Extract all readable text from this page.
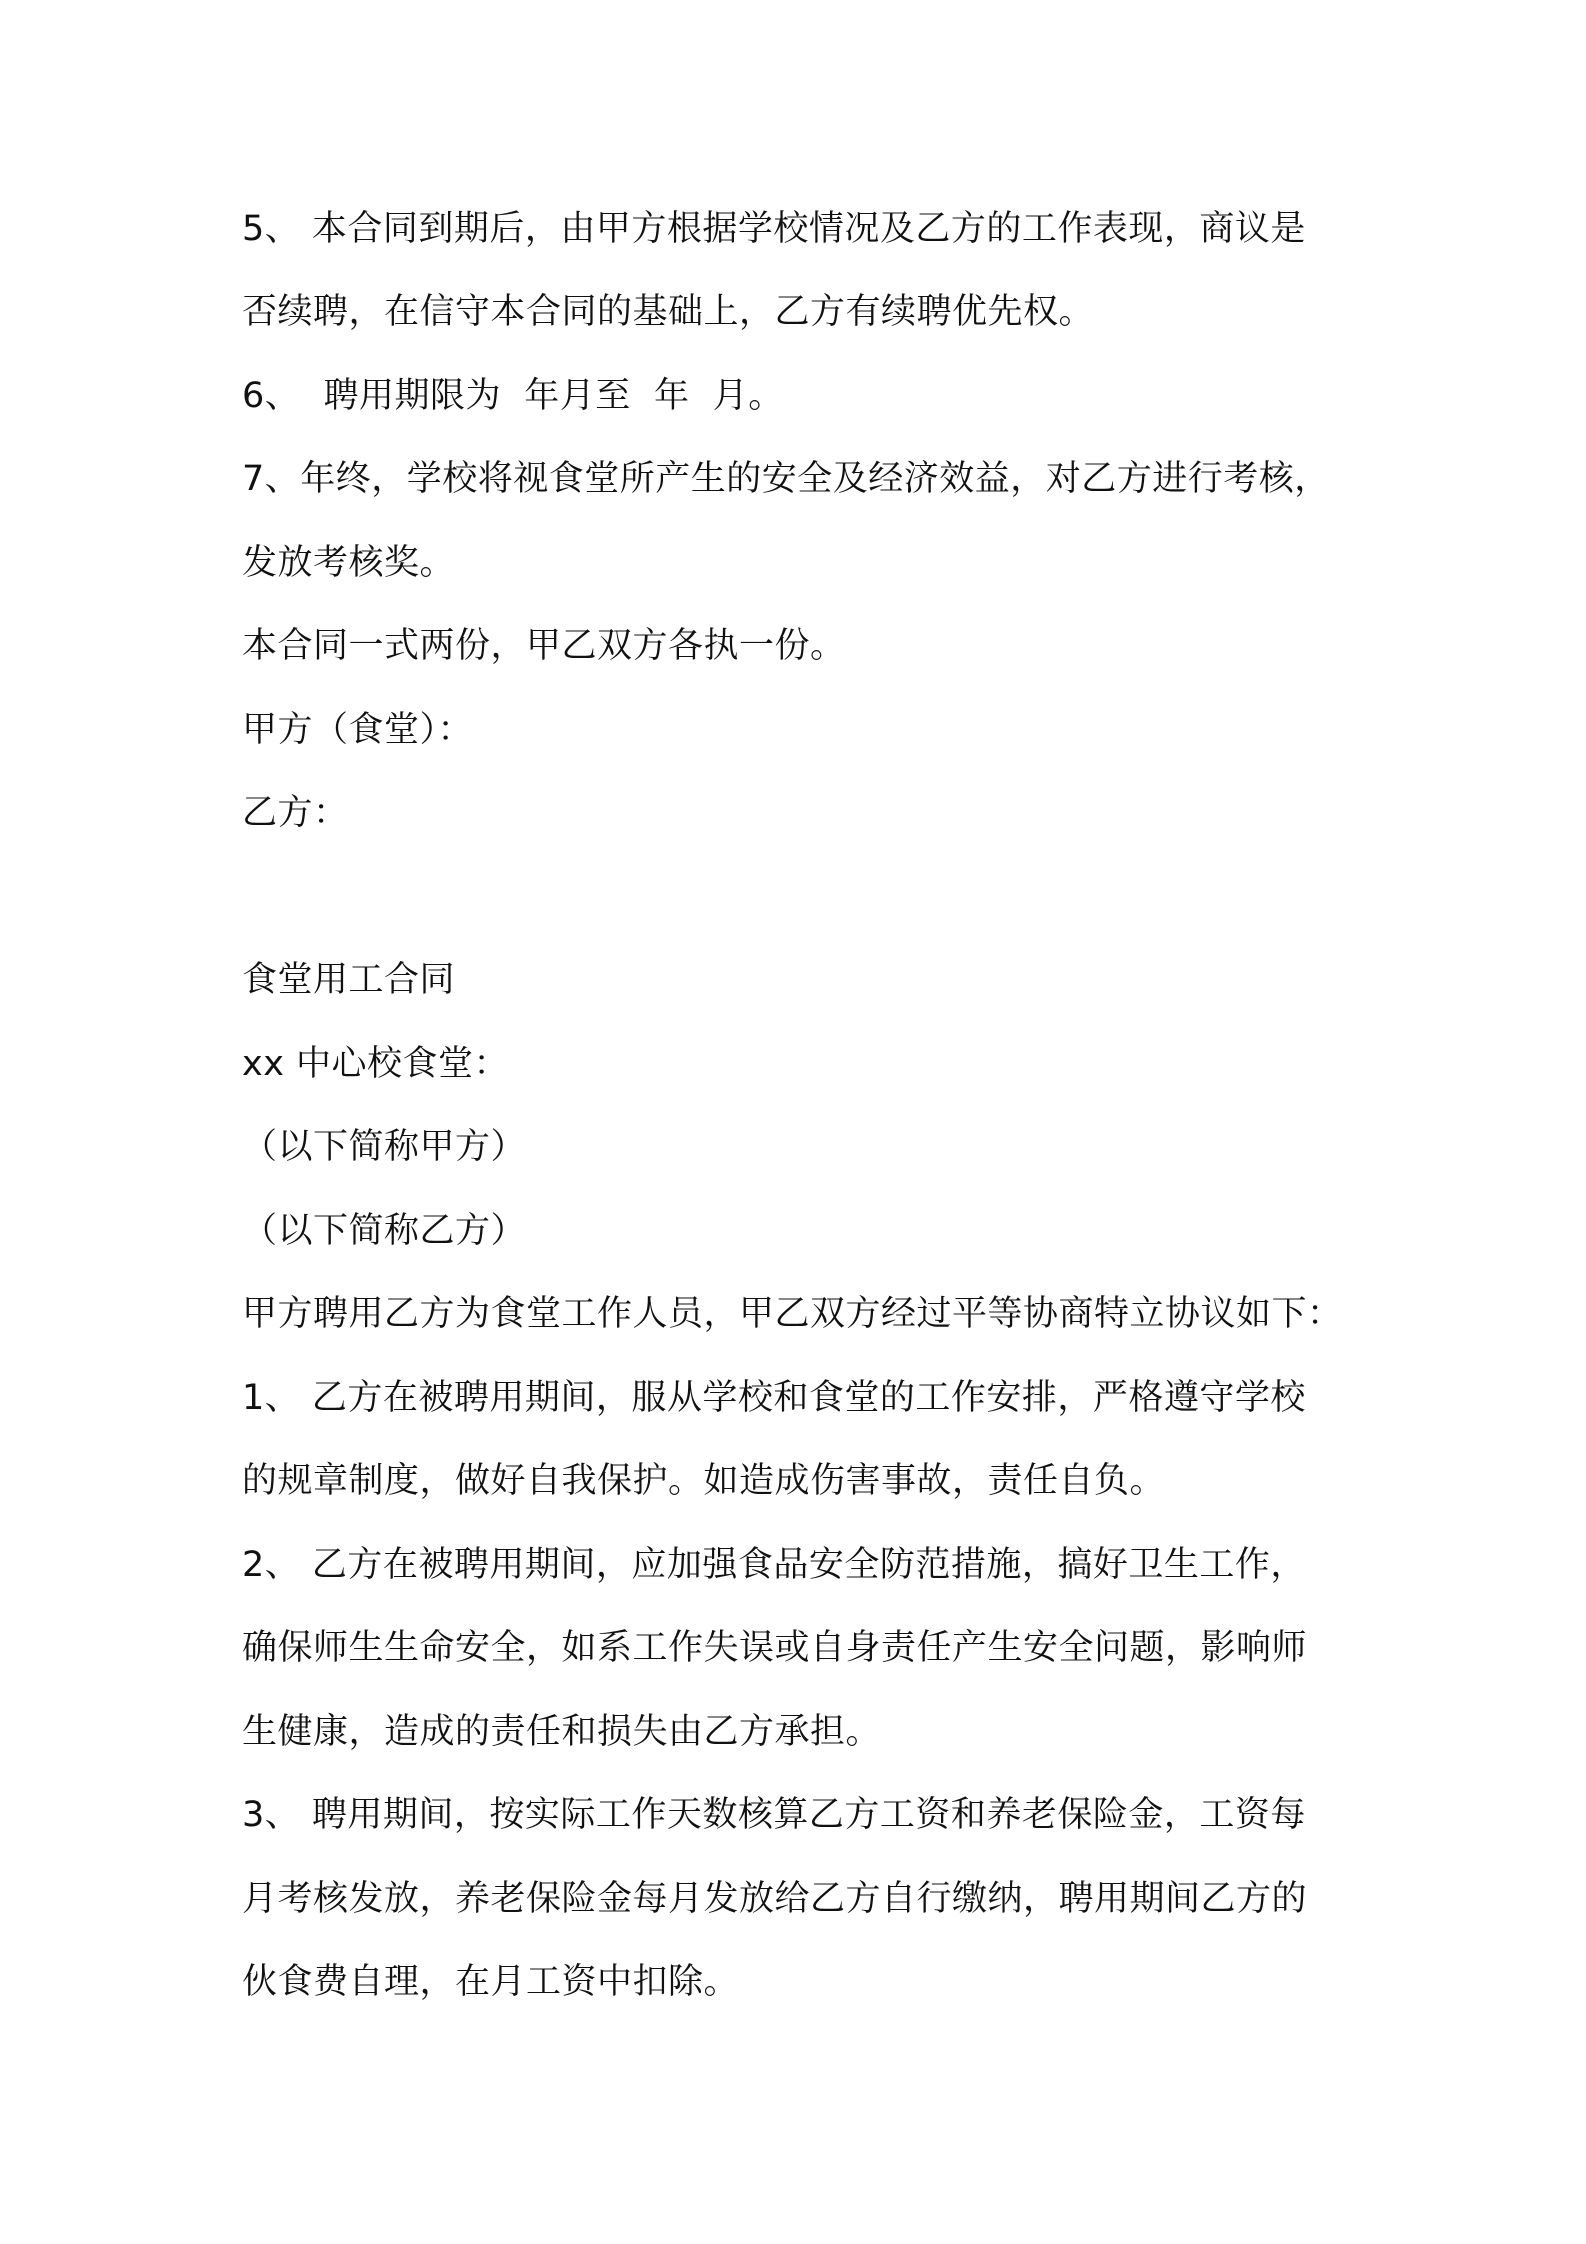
5、 本合同到期后，由甲方根据学校情况及乙方的工作表现，商议是
否续聘，在信守本合同的基础上，乙方有续聘优先权。
6、  聘用期限为  年月至  年  月。
7、年终，学校将视食堂所产生的安全及经济效益，对乙方进行考核，
发放考核奖。
本合同一式两份，甲乙双方各执一份。
甲方（食堂）：
乙方：
食堂用工合同
xx 中心校食堂：
（以下简称甲方）
（以下简称乙方）
甲方聘用乙方为食堂工作人员，甲乙双方经过平等协商特立协议如下：
1、 乙方在被聘用期间，服从学校和食堂的工作安排，严格遵守学校
的规章制度，做好自我保护。如造成伤害事故，责任自负。
2、 乙方在被聘用期间，应加强食品安全防范措施，搞好卫生工作，
确保师生生命安全，如系工作失误或自身责任产生安全问题，影响师
生健康，造成的责任和损失由乙方承担。
3、 聘用期间，按实际工作天数核算乙方工资和养老保险金，工资每
月考核发放，养老保险金每月发放给乙方自行缴纳，聘用期间乙方的
伙食费自理，在月工资中扣除。
